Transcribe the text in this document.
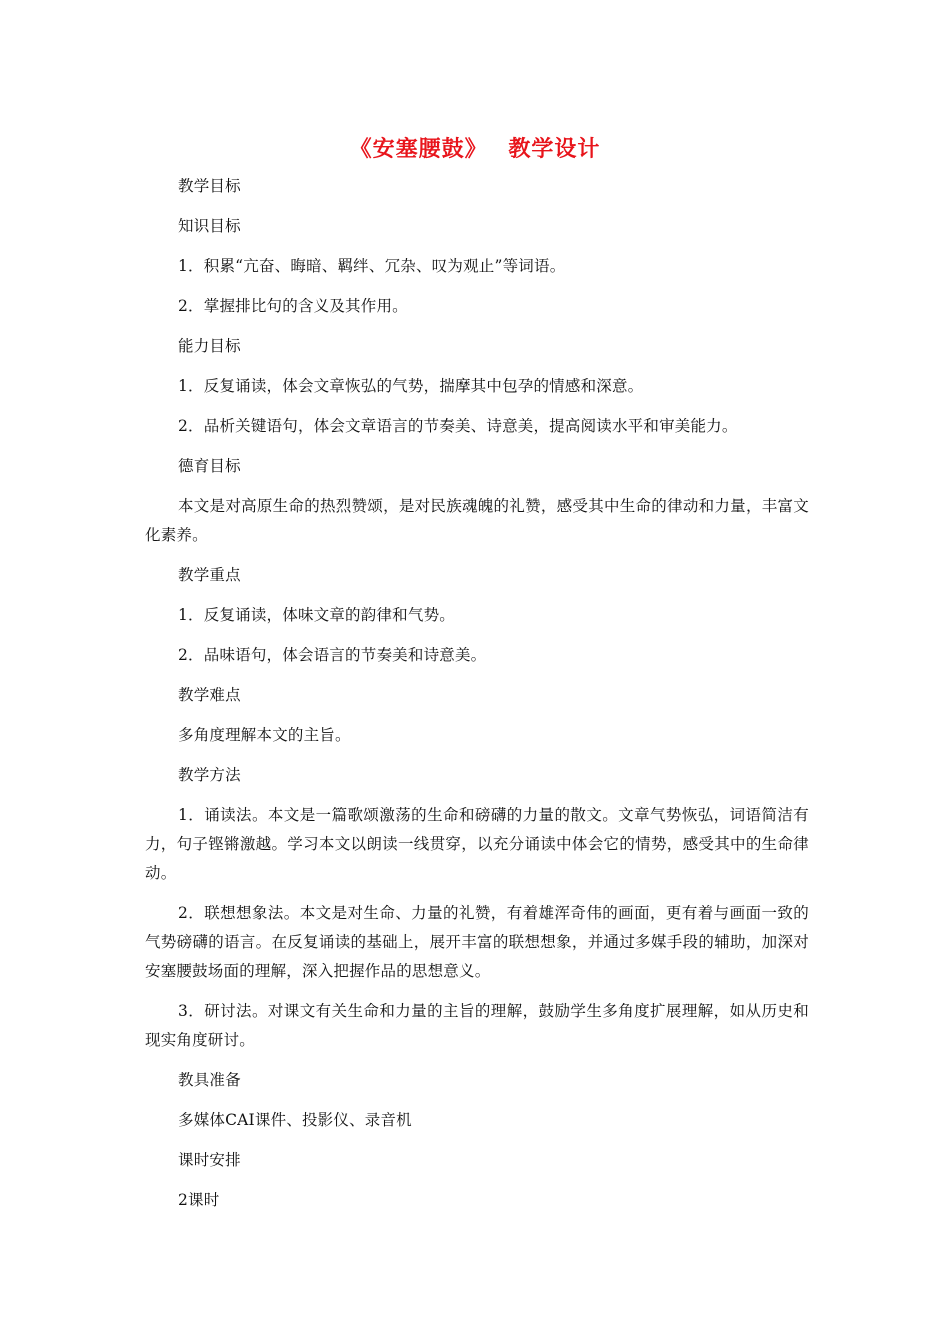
《安塞腰鼓》　 教学设计

教学目标

知识目标

1．积累“亢奋、晦暗、羁绊、冗杂、叹为观止”等词语。

2．掌握排比句的含义及其作用。

能力目标

1．反复诵读，体会文章恢弘的气势，揣摩其中包孕的情感和深意。

2．品析关键语句，体会文章语言的节奏美、诗意美，提高阅读水平和审美能力。

德育目标

本文是对高原生命的热烈赞颂，是对民族魂魄的礼赞，感受其中生命的律动和力量，丰富文化素养。

教学重点

1．反复诵读，体味文章的韵律和气势。

2．品味语句，体会语言的节奏美和诗意美。

教学难点

多角度理解本文的主旨。

教学方法

1．诵读法。本文是一篇歌颂激荡的生命和磅礴的力量的散文。文章气势恢弘，词语简洁有力，句子铿锵激越。学习本文以朗读一线贯穿，以充分诵读中体会它的情势，感受其中的生命律动。

2．联想想象法。本文是对生命、力量的礼赞，有着雄浑奇伟的画面，更有着与画面一致的气势磅礴的语言。在反复诵读的基础上，展开丰富的联想想象，并通过多媒手段的辅助，加深对安塞腰鼓场面的理解，深入把握作品的思想意义。

3．研讨法。对课文有关生命和力量的主旨的理解，鼓励学生多角度扩展理解，如从历史和现实角度研讨。

教具准备

多媒体CAI课件、投影仪、录音机

课时安排

2课时
